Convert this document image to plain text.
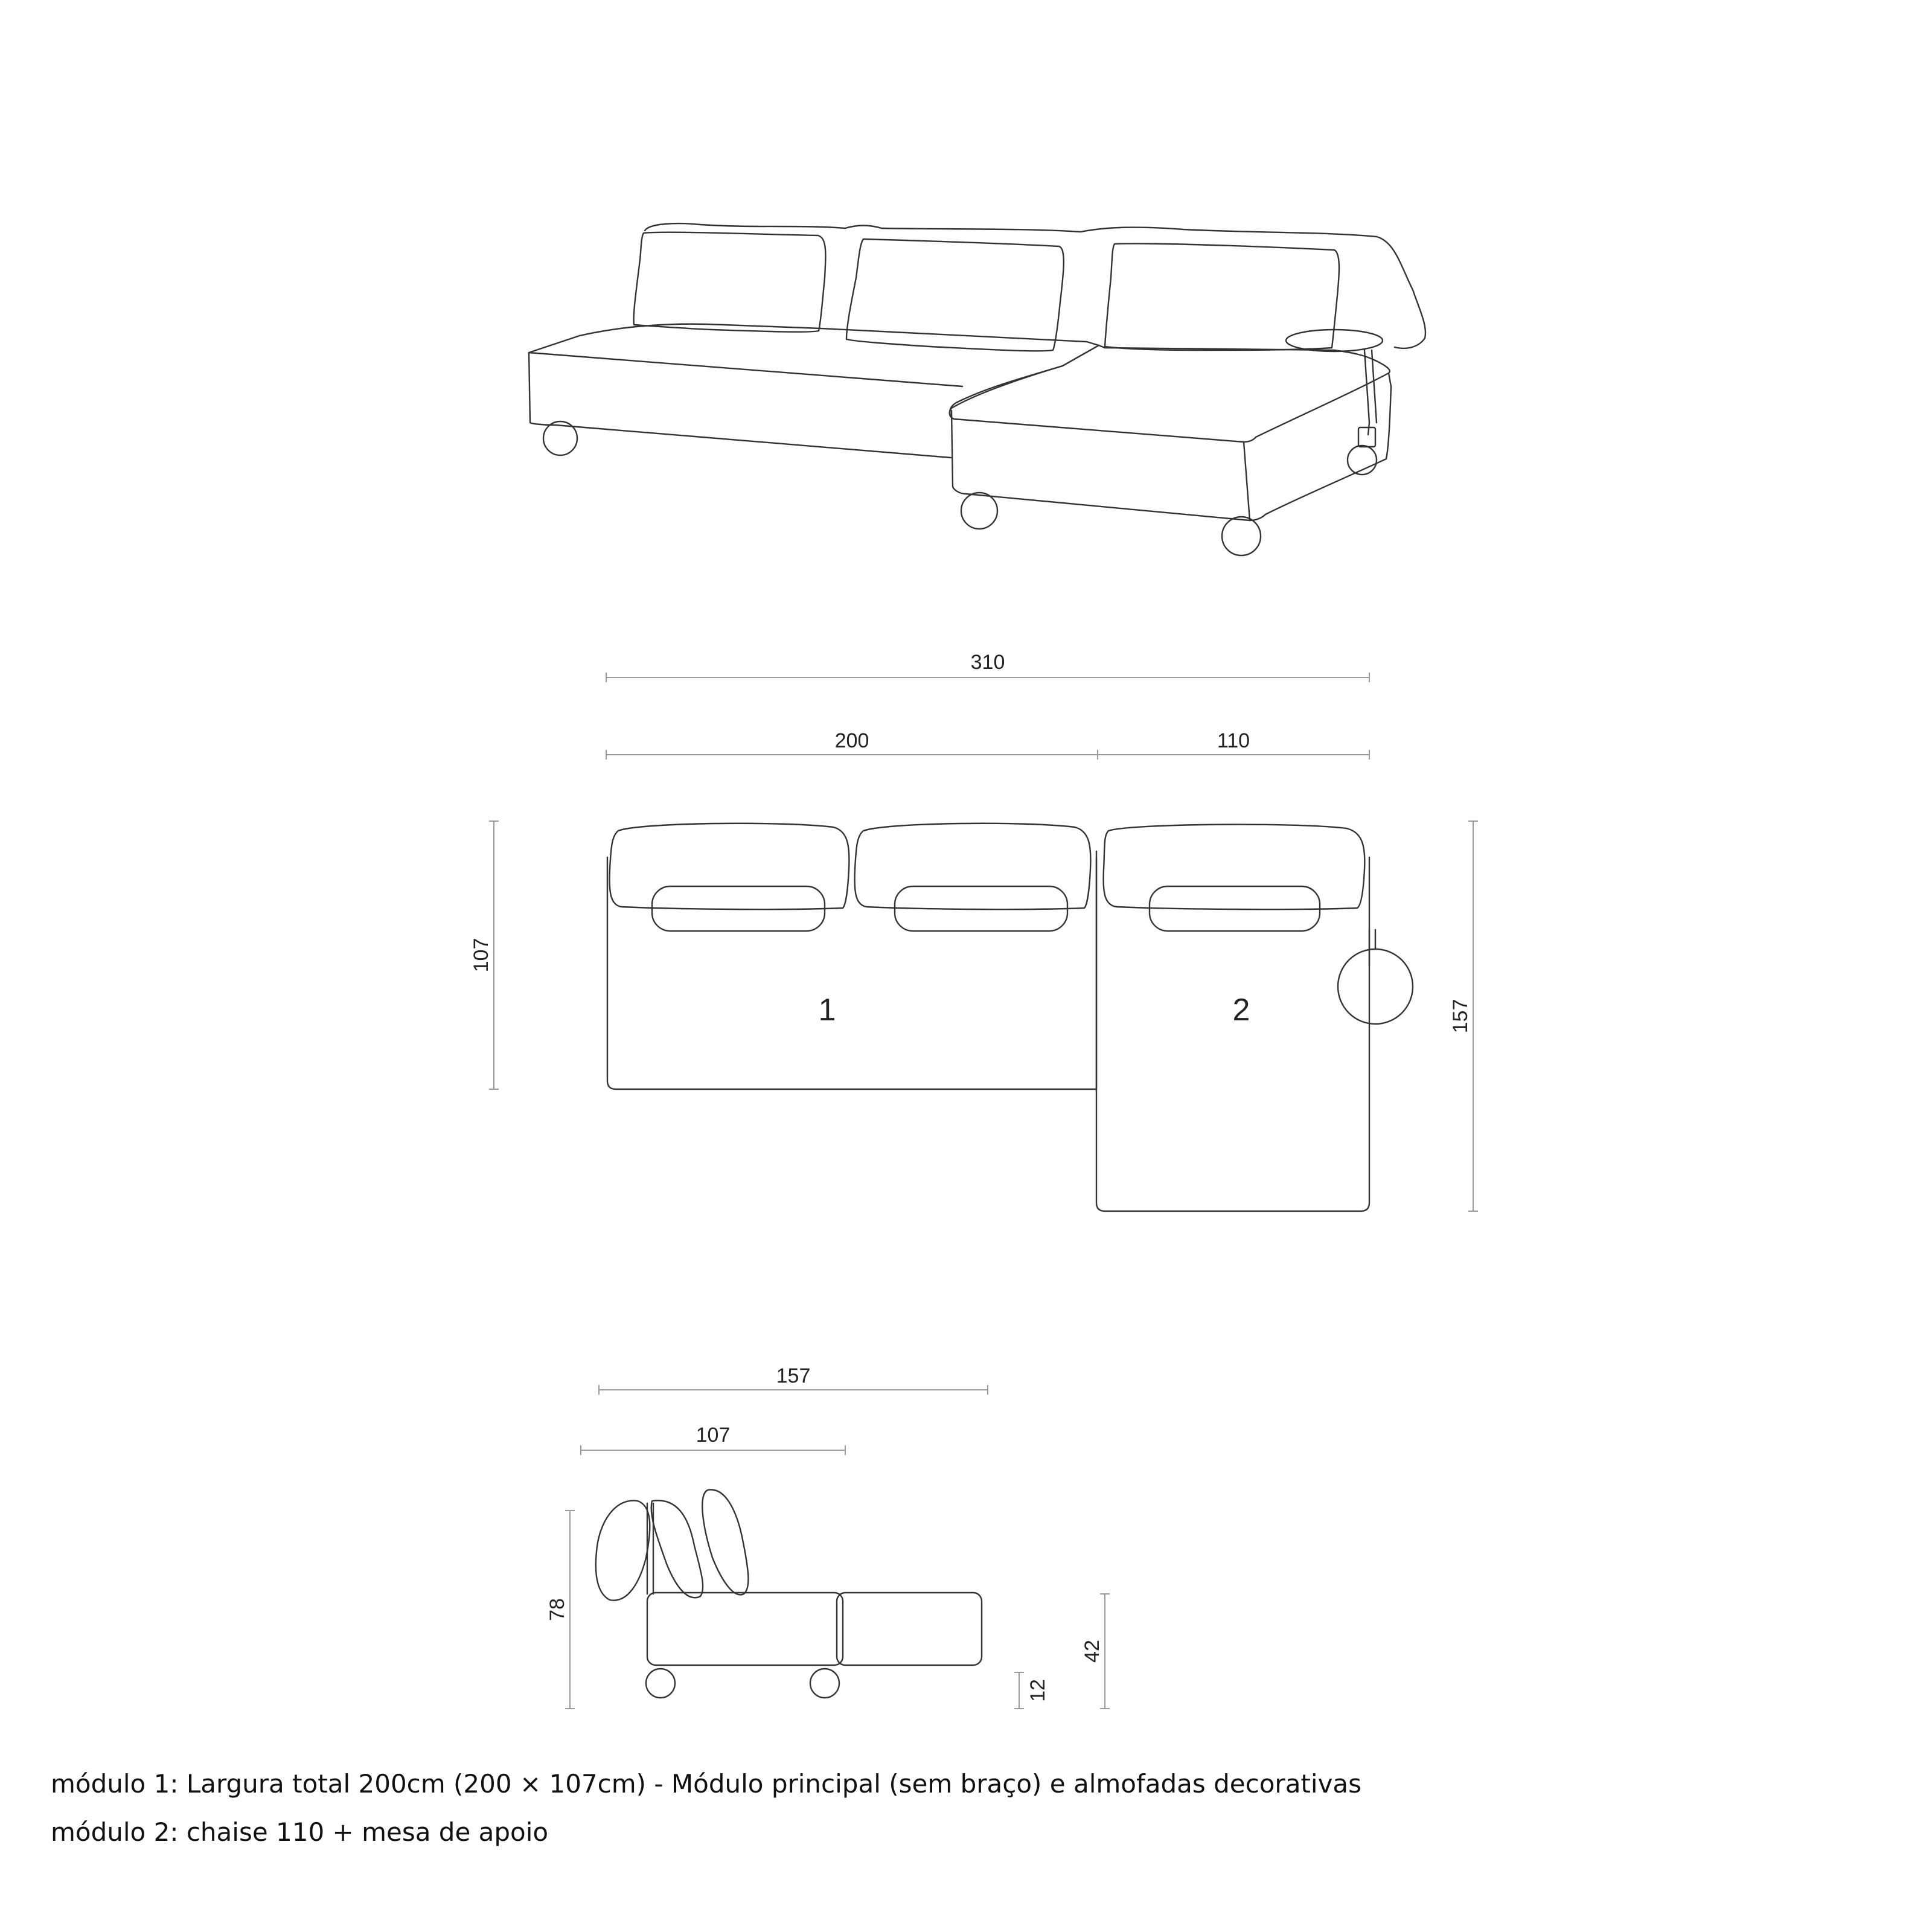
310
200	110
107
157
1	2
157
107
78
42
12
módulo 1: Largura total 200cm (200 × 107cm) - Módulo principal (sem braço) e almofadas decorativas
módulo 2: chaise 110 + mesa de apoio
